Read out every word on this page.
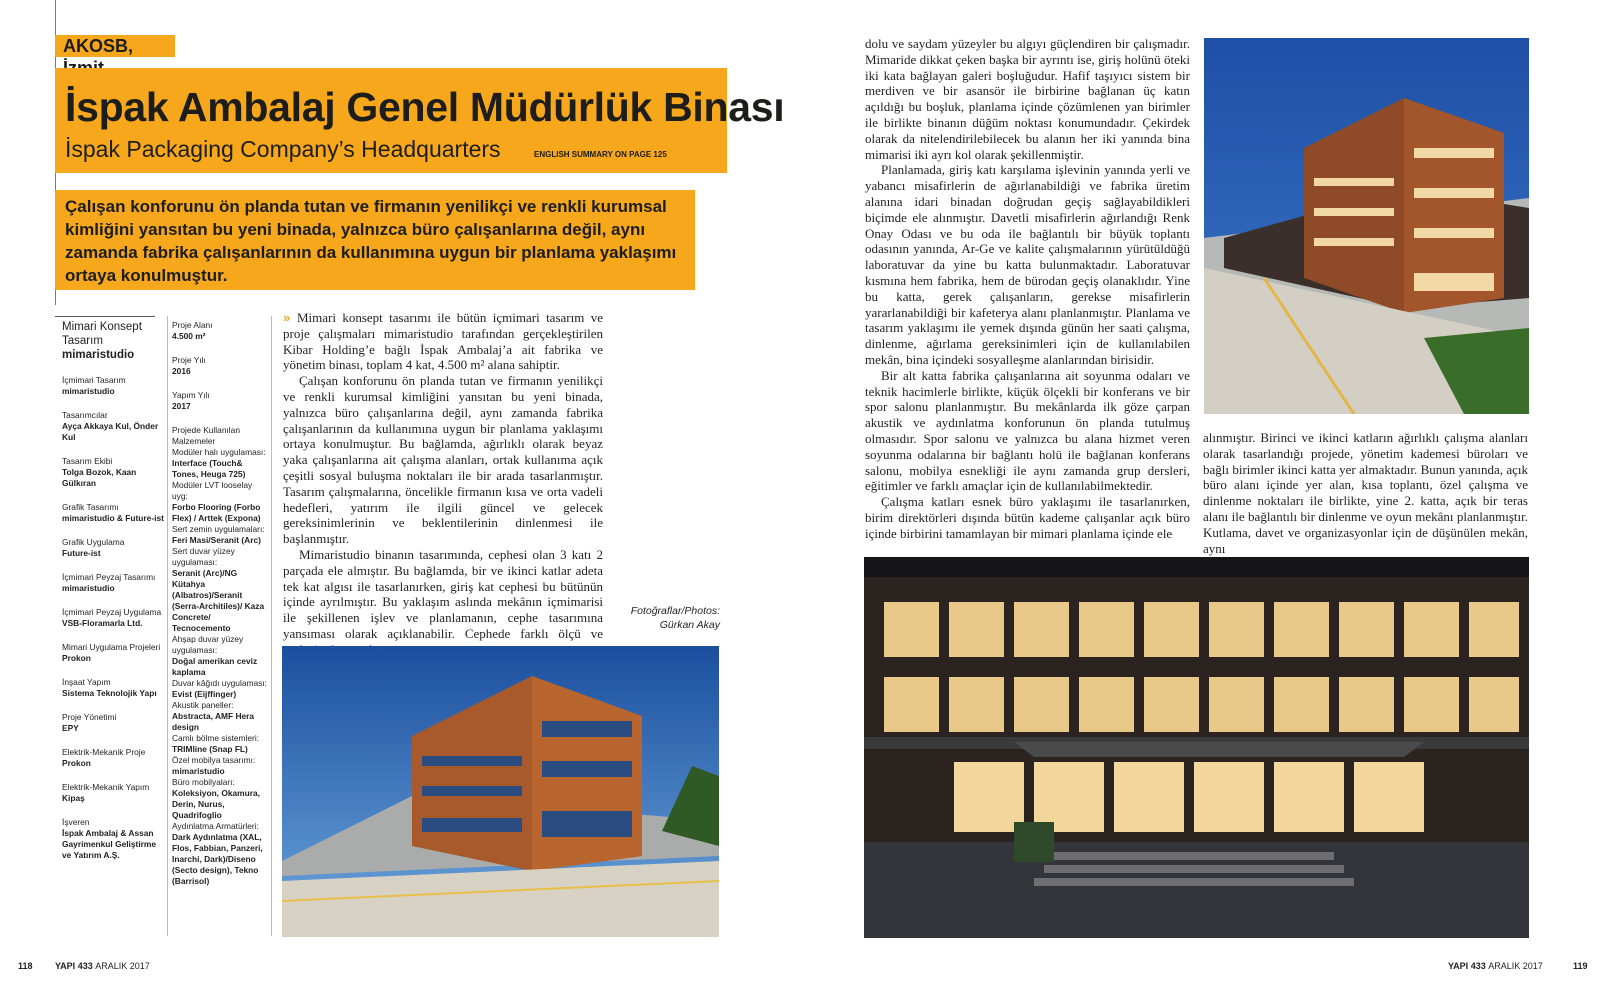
AKOSB,
İspak Ambalaj Genel Müdürlük Binası
İspak Packaging Company’s Headquarters	ENGLISH SUMMARY ON PAGE 125
Çalışan konforunu ön planda tutan ve firmanın yenilikçi ve renkli kurumsal kimliğini yansıtan bu yeni binada, yalnızca büro çalışanlarına değil, aynı zamanda fabrika çalışanlarının da kullanımına uygun bir planlama yaklaşımı ortaya konulmuştur.
Mimari Konsept Tasarım
mimaristudio
İçmimari Tasarım
mimaristudio
Tasarımcılar
Ayça Akkaya Kul, Önder Kul
Tasarım Ekibi
Tolga Bozok, Kaan Gülkıran
Grafik Tasarımı
mimaristudio & Future-ist
Grafik Uygulama
Future-ist
İçmimari Peyzaj Tasarımı
mimaristudio
İçmimari Peyzaj Uygulama
VSB-Floramarla Ltd.
Mimari Uygulama Projeleri
Prokon
İnşaat Yapım
Sistema Teknolojik Yapı
Proje Yönetimi
EPY
Elektrik-Mekanik Proje
Prokon
Elektrik-Mekanik Yapım
Kipaş
İşveren
İspak Ambalaj & Assan Gayrimenkul Geliştirme ve Yatırım A.Ş.
Proje Alanı
4.500 m²
Proje Yılı
2016
Yapım Yılı
2017
Projede Kullanılan Malzemeler
Modüler halı uygulaması:
Interface (Touch& Tones, Heuga 725)
Modüler LVT looselay uyg:
Forbo Flooring (Forbo Flex) / Arttek (Expona)
Sert zemin uygulamaları:
Feri Masi/Seranit (Arc)
Sert duvar yüzey uygulaması:
Seranit (Arc)/NG Kütahya (Albatros)/Seranit (Serra-Architiles)/ Kaza Concrete/ Tecnocemento
Ahşap duvar yüzey uygulaması:
Doğal amerikan ceviz kaplama
Duvar kâğıdı uygulaması:
Evist (Eijffinger)
Akustik paneller:
Abstracta, AMF Hera design
Camlı bölme sistemleri:
TRIMline (Snap FL)
Özel mobilya tasarımı:
mimaristudio
Büro mobilyaları:
Koleksiyon, Okamura, Derin, Nurus, Quadrifoglio
Aydınlatma Armatürleri:
Dark Aydınlatma (XAL, Flos, Fabbian, Panzeri, Inarchi, Dark)/Diseno (Secto design), Tekno (Barrisol)

» Mimari konsept tasarımı ile bütün içmimari tasarım ve proje çalışmaları mimaristudio tarafından gerçekleştirilen Kibar Holding’e bağlı İspak Ambalaj’a ait fabrika ve yönetim binası, toplam 4 kat, 4.500 m² alana sahiptir.

Çalışan konforunu ön planda tutan ve firmanın yenilikçi ve renkli kurumsal kimliğini yansıtan bu yeni binada, yalnızca büro çalışanlarına değil, aynı zamanda fabrika çalışanlarının da kullanımına uygun bir planlama yaklaşımı ortaya konulmuştur. Bu bağlamda, ağırlıklı olarak beyaz yaka çalışanlarına ait çalışma alanları, ortak kullanıma açık çeşitli sosyal buluşma noktaları ile bir arada tasarlanmıştır. Tasarım çalışmalarına, öncelikle firmanın kısa ve orta vadeli hedefleri, yatırım ile ilgili güncel ve gelecek gereksinimlerinin ve beklentilerinin dinlenmesi ile başlanmıştır.

Mimaristudio binanın tasarımında, cephesi olan 3 katı 2 parçada ele almıştır. Bu bağlamda, bir ve ikinci katlar adeta tek kat algısı ile tasarlanırken, giriş kat cephesi bu bütünün içinde ayrılmıştır. Bu yaklaşım aslında mekânın içmimarisi ile şekillenen işlev ve planlamanın, cephe tasarımına yansıması olarak açıklanabilir. Cephede farklı ölçü ve

Fotoğraflar/Photos:
Gürkan Akay

dolu ve saydam yüzeyler bu algıyı güçlendiren bir çalışmadır. Mimaride dikkat çeken başka bir ayrıntı ise, giriş holünü öteki iki kata bağlayan galeri boşluğudur. Hafif taşıyıcı sistem bir merdiven ve bir asansör ile birbirine bağlanan üç katın açıldığı bu boşluk, planlama içinde çözümlenen yan birimler ile birlikte binanın düğüm noktası konumundadır. Çekirdek olarak da nitelendirilebilecek bu alanın her iki yanında bina mimarisi iki ayrı kol olarak şekillenmiştir.

Planlamada, giriş katı karşılama işlevinin yanında yerli ve yabancı misafirlerin de ağırlanabildiği ve fabrika üretim alanına idari binadan doğrudan geçiş sağlayabildikleri biçimde ele alınmıştır. Davetli misafirlerin ağırlandığı Renk Onay Odası ve bu oda ile bağlantılı bir büyük toplantı odasının yanında, Ar-Ge ve kalite çalışmalarının yürütüldüğü laboratuvar da yine bu katta bulunmaktadır. Laboratuvar kısmına hem fabrika, hem de bürodan geçiş olanaklıdır. Yine bu katta, gerek çalışanların, gerekse misafirlerin yararlanabildiği bir kafeterya alanı planlanmıştır. Planlama ve tasarım yaklaşımı ile yemek dışında günün her saati çalışma, dinlenme, ağırlama gereksinimleri için de kullanılabilen mekân, bina içindeki sosyalleşme alanlarından birisidir.

Bir alt katta fabrika çalışanlarına ait soyunma odaları ve teknik hacimlerle birlikte, küçük ölçekli bir konferans ve bir spor salonu planlanmıştır. Bu mekânlarda ilk göze çarpan akustik ve aydınlatma konforunun ön planda tutulmuş olmasıdır. Spor salonu ve yalnızca bu alana hizmet veren soyunma odalarına bir bağlantı holü ile bağlanan konferans salonu, mobilya esnekliği ile aynı zamanda grup dersleri, eğitimler ve farklı amaçlar için de kullanılabilmektedir.

Çalışma katları esnek büro yaklaşımı ile tasarlanırken, birim direktörleri dışında bütün kademe çalışanlar açık büro içinde birbirini tamamlayan bir mimari planlama içinde ele

alınmıştır. Birinci ve ikinci katların ağırlıklı çalışma alanları olarak tasarlandığı projede, yönetim kademesi büroları ve bağlı birimler ikinci katta yer almaktadır. Bunun yanında, açık büro alanı içinde yer alan, kısa toplantı, özel çalışma ve dinlenme noktaları ile birlikte, yine 2. katta, açık bir teras alanı ile bağlantılı bir dinlenme ve oyun mekânı planlanmıştır. Kutlama, davet ve organizasyonlar için de düşünülen mekân, aynı

118 YAPI 433 ARALIK 2017	YAPI 433 ARALIK 2017	119
